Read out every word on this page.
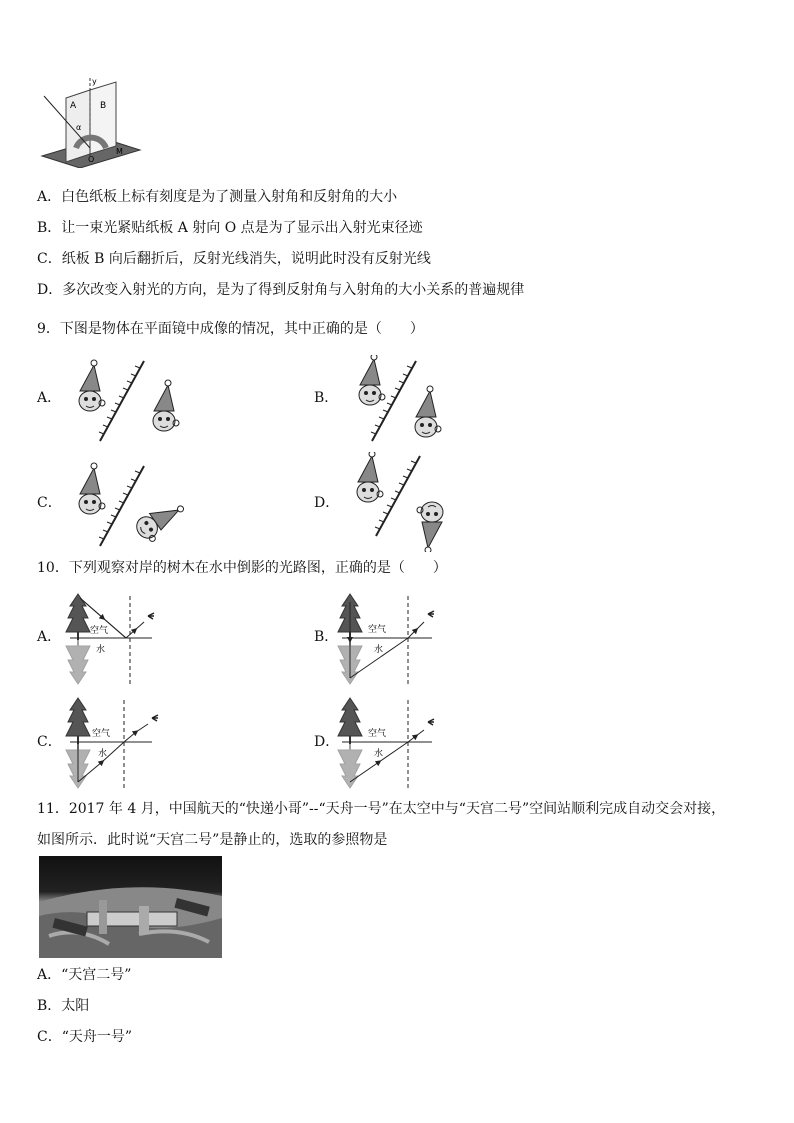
y
A	B
α
O
M
A．白色纸板上标有刻度是为了测量入射角和反射角的大小
B．让一束光紧贴纸板 A 射向 O 点是为了显示出入射光束径迹
C．纸板 B 向后翻折后，反射光线消失，说明此时没有反射光线
D．多次改变入射光的方向，是为了得到反射角与入射角的大小关系的普遍规律
9．下图是物体在平面镜中成像的情况，其中正确的是（　　）
A．	B．
C．	D．
10．下列观察对岸的树木在水中倒影的光路图，正确的是（　　）
A．	空气
水
B．	空气
水
C．	空气
水
D．	空气
水
11．2017 年 4 月，中国航天的“快递小哥”--“天舟一号”在太空中与“天宫二号”空间站顺利完成自动交会对接，
如图所示．此时说“天宫二号”是静止的，选取的参照物是
A．“天宫二号”
B．太阳
C．“天舟一号”
